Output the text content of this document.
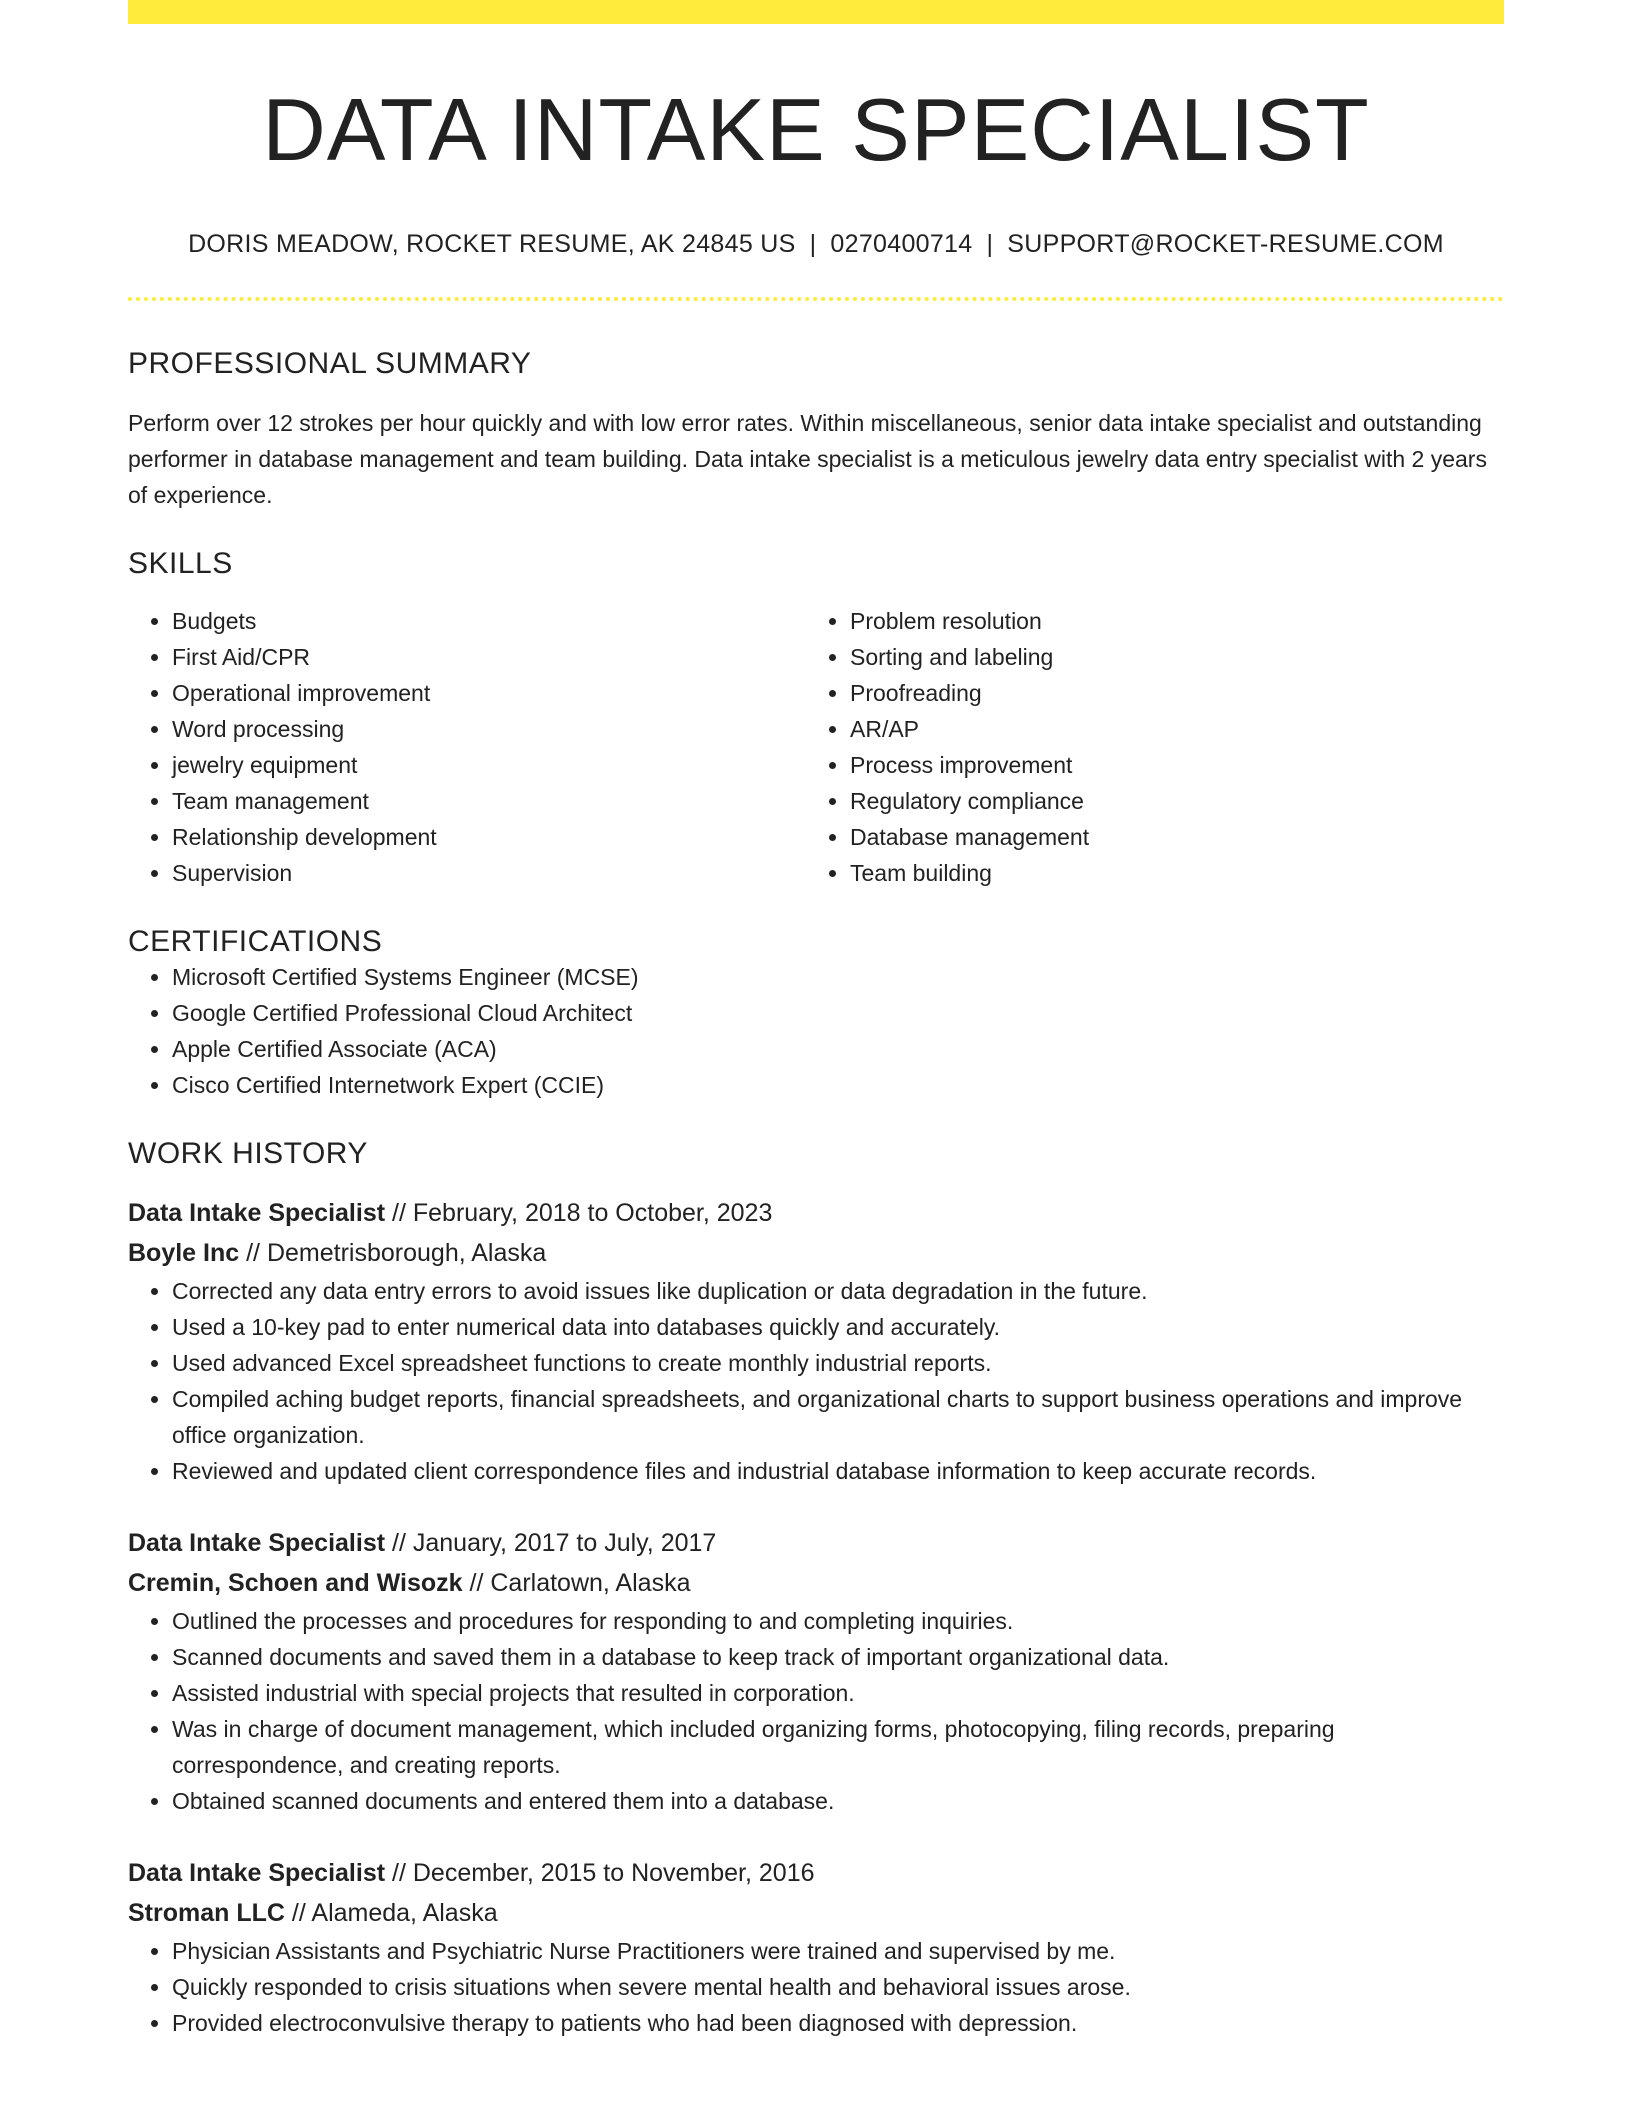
DATA INTAKE SPECIALIST
DORIS MEADOW, ROCKET RESUME, AK 24845 US | 0270400714 | SUPPORT@ROCKET-RESUME.COM
PROFESSIONAL SUMMARY
Perform over 12 strokes per hour quickly and with low error rates. Within miscellaneous, senior data intake specialist and outstanding performer in database management and team building. Data intake specialist is a meticulous jewelry data entry specialist with 2 years of experience.
SKILLS
• Budgets
• First Aid/CPR
• Operational improvement
• Word processing
• jewelry equipment
• Team management
• Relationship development
• Supervision
• Problem resolution
• Sorting and labeling
• Proofreading
• AR/AP
• Process improvement
• Regulatory compliance
• Database management
• Team building
CERTIFICATIONS
• Microsoft Certified Systems Engineer (MCSE)
• Google Certified Professional Cloud Architect
• Apple Certified Associate (ACA)
• Cisco Certified Internetwork Expert (CCIE)
WORK HISTORY
Data Intake Specialist // February, 2018 to October, 2023
Boyle Inc // Demetrisborough, Alaska
• Corrected any data entry errors to avoid issues like duplication or data degradation in the future.
• Used a 10-key pad to enter numerical data into databases quickly and accurately.
• Used advanced Excel spreadsheet functions to create monthly industrial reports.
• Compiled aching budget reports, financial spreadsheets, and organizational charts to support business operations and improve office organization.
• Reviewed and updated client correspondence files and industrial database information to keep accurate records.
Data Intake Specialist // January, 2017 to July, 2017
Cremin, Schoen and Wisozk // Carlatown, Alaska
• Outlined the processes and procedures for responding to and completing inquiries.
• Scanned documents and saved them in a database to keep track of important organizational data.
• Assisted industrial with special projects that resulted in corporation.
• Was in charge of document management, which included organizing forms, photocopying, filing records, preparing correspondence, and creating reports.
• Obtained scanned documents and entered them into a database.
Data Intake Specialist // December, 2015 to November, 2016
Stroman LLC // Alameda, Alaska
• Physician Assistants and Psychiatric Nurse Practitioners were trained and supervised by me.
• Quickly responded to crisis situations when severe mental health and behavioral issues arose.
• Provided electroconvulsive therapy to patients who had been diagnosed with depression.
